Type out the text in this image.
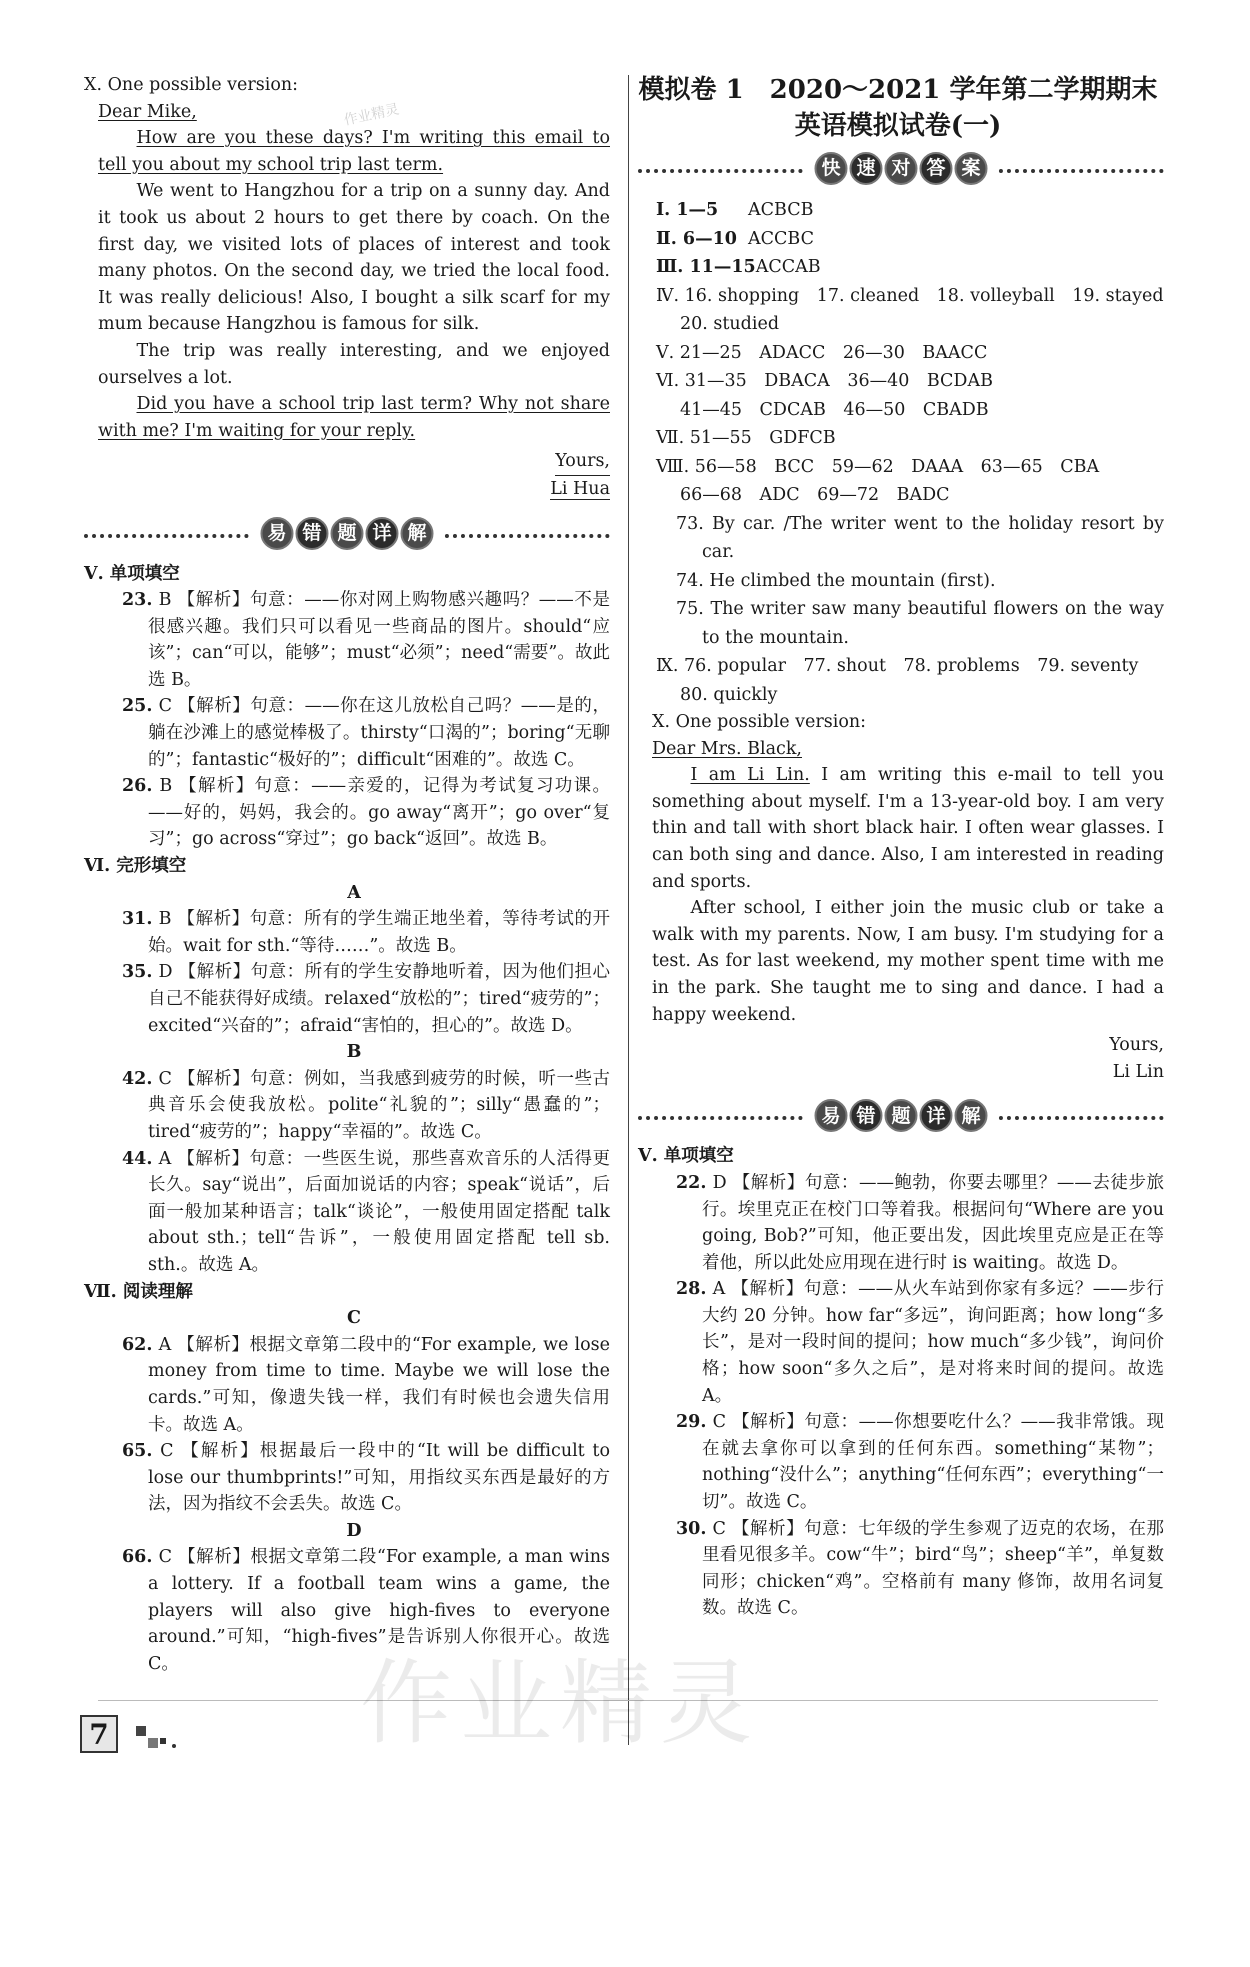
作业精灵

Ⅹ. One possible version:

Dear Mike,

How are you these days? I'm writing this email to tell you about my school trip last term.

We went to Hangzhou for a trip on a sunny day. And it took us about 2 hours to get there by coach. On the first day, we visited lots of places of interest and took many photos. On the second day, we tried the local food. It was really delicious! Also, I bought a silk scarf for my mum because Hangzhou is famous for silk.

The trip was really interesting, and we enjoyed ourselves a lot.

Did you have a school trip last term? Why not share with me? I'm waiting for your reply.

Yours,

Li Hua

易 错 题 详 解

Ⅴ. 单项填空

23. B 【解析】句意：——你对网上购物感兴趣吗？——不是很感兴趣。我们只可以看见一些商品的图片。should“应该”；can“可以，能够”；must“必须”；need“需要”。故此选 B。

25. C 【解析】句意：——你在这儿放松自己吗？——是的，躺在沙滩上的感觉棒极了。thirsty“口渴的”；boring“无聊的”；fantastic“极好的”；difficult“困难的”。故选 C。

26. B 【解析】句意：——亲爱的，记得为考试复习功课。——好的，妈妈，我会的。go away“离开”；go over“复习”；go across“穿过”；go back“返回”。故选 B。

Ⅵ. 完形填空

A

31. B 【解析】句意：所有的学生端正地坐着，等待考试的开始。wait for sth.“等待……”。故选 B。

35. D 【解析】句意：所有的学生安静地听着，因为他们担心自己不能获得好成绩。relaxed“放松的”；tired“疲劳的”；excited“兴奋的”；afraid“害怕的，担心的”。故选 D。

B

42. C 【解析】句意：例如，当我感到疲劳的时候，听一些古典音乐会使我放松。polite“礼貌的”；silly“愚蠢的”；tired“疲劳的”；happy“幸福的”。故选 C。

44. A 【解析】句意：一些医生说，那些喜欢音乐的人活得更长久。say“说出”，后面加说话的内容；speak“说话”，后面一般加某种语言；talk“谈论”，一般使用固定搭配 talk about sth.；tell“告诉”，一般使用固定搭配 tell sb. sth.。故选 A。

Ⅶ. 阅读理解

C

62. A 【解析】根据文章第二段中的“For example, we lose money from time to time. Maybe we will lose the cards.”可知，像遗失钱一样，我们有时候也会遗失信用卡。故选 A。

65. C 【解析】根据最后一段中的“It will be difficult to lose our thumbprints!”可知，用指纹买东西是最好的方法，因为指纹不会丢失。故选 C。

D

66. C 【解析】根据文章第二段“For example, a man wins a lottery. If a football team wins a game, the players will also give high-fives to everyone around.”可知，“high-fives”是告诉别人你很开心。故选 C。

模拟卷 1　2020～2021 学年第二学期期末

英语模拟试卷(一)

快 速 对 答 案

Ⅰ. 1—5 ACBCB

Ⅱ. 6—10 ACCBC

Ⅲ. 11—15ACCAB

Ⅳ. 16. shopping　17. cleaned　18. volleyball　19. stayed

20. studied

Ⅴ. 21—25　ADACC　26—30　BAACC

Ⅵ. 31—35　DBACA　36—40　BCDAB

41—45　CDCAB　46—50　CBADB

Ⅶ. 51—55　GDFCB

Ⅷ. 56—58　BCC　59—62　DAAA　63—65　CBA

66—68　ADC　69—72　BADC

73. By car. /The writer went to the holiday resort by car.

74. He climbed the mountain (first).

75. The writer saw many beautiful flowers on the way to the mountain.

Ⅸ. 76. popular　77. shout　78. problems　79. seventy

80. quickly

Ⅹ. One possible version:

Dear Mrs. Black,

I am Li Lin. I am writing this e-mail to tell you something about myself. I'm a 13-year-old boy. I am very thin and tall with short black hair. I often wear glasses. I can both sing and dance. Also, I am interested in reading and sports.

After school, I either join the music club or take a walk with my parents. Now, I am busy. I'm studying for a test. As for last weekend, my mother spent time with me in the park. She taught me to sing and dance. I had a happy weekend.

Yours,

Li Lin

易 错 题 详 解

Ⅴ. 单项填空

22. D 【解析】句意：——鲍勃，你要去哪里？——去徒步旅行。埃里克正在校门口等着我。根据问句“Where are you going, Bob?”可知，他正要出发，因此埃里克应是正在等着他，所以此处应用现在进行时 is waiting。故选 D。

28. A 【解析】句意：——从火车站到你家有多远？——步行大约 20 分钟。how far“多远”，询问距离；how long“多长”，是对一段时间的提问；how much“多少钱”，询问价格；how soon“多久之后”，是对将来时间的提问。故选 A。

29. C 【解析】句意：——你想要吃什么？——我非常饿。现在就去拿你可以拿到的任何东西。something“某物”；nothing“没什么”；anything“任何东西”；everything“一切”。故选 C。

30. C 【解析】句意：七年级的学生参观了迈克的农场，在那里看见很多羊。cow“牛”；bird“鸟”；sheep“羊”，单复数同形；chicken“鸡”。空格前有 many 修饰，故用名词复数。故选 C。

作业精灵
7
